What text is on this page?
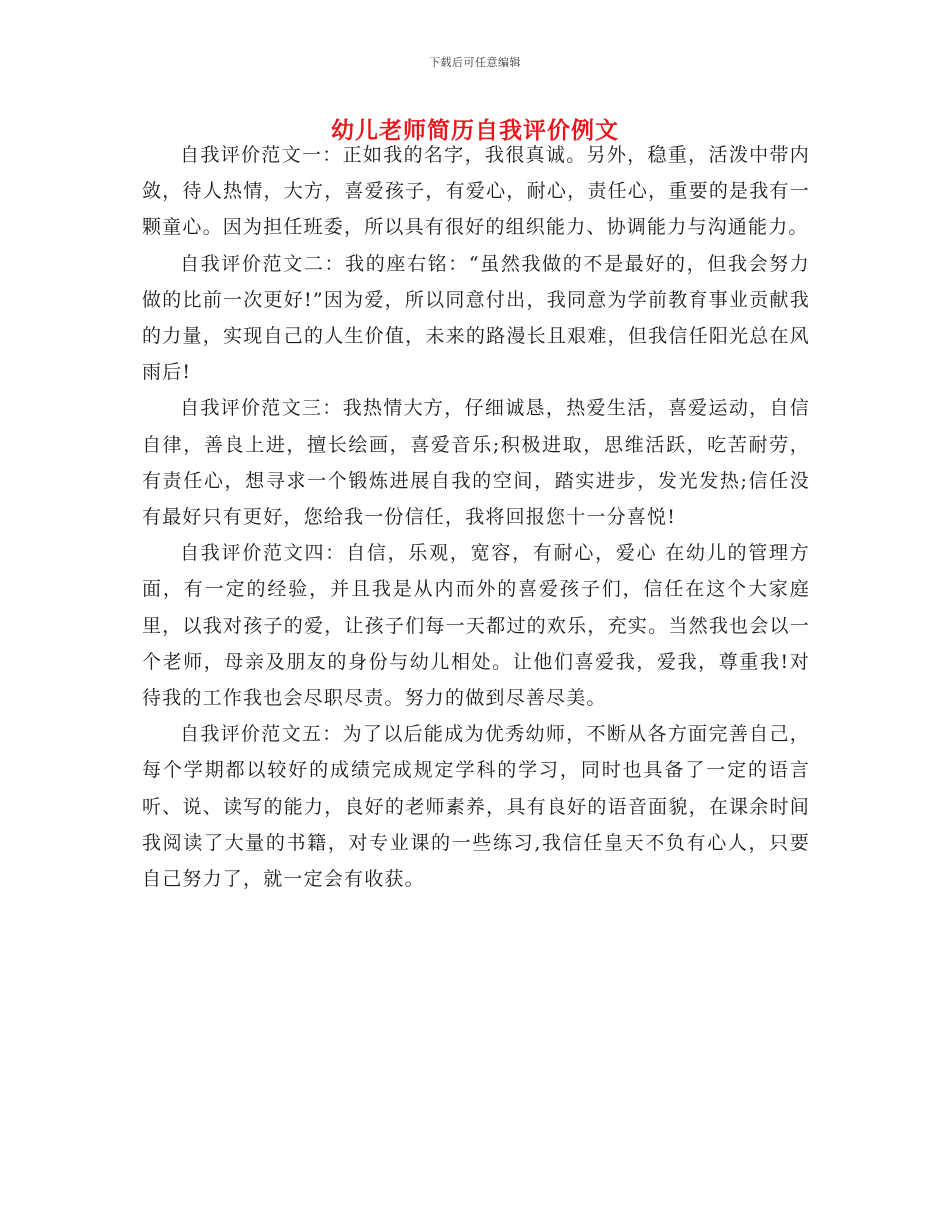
下载后可任意编辑
幼儿老师简历自我评价例文

自我评价范文一：正如我的名字，我很真诚。另外，稳重，活泼中带内敛，待人热情，大方，喜爱孩子，有爱心，耐心，责任心，重要的是我有一颗童心。因为担任班委，所以具有很好的组织能力、协调能力与沟通能力。

自我评价范文二：我的座右铭：“虽然我做的不是最好的，但我会努力做的比前一次更好!”因为爱，所以同意付出，我同意为学前教育事业贡献我的力量，实现自己的人生价值，未来的路漫长且艰难，但我信任阳光总在风雨后!

自我评价范文三：我热情大方，仔细诚恳，热爱生活，喜爱运动，自信自律，善良上进，擅长绘画，喜爱音乐;积极进取，思维活跃，吃苦耐劳，有责任心，想寻求一个锻炼进展自我的空间，踏实进步，发光发热;信任没有最好只有更好，您给我一份信任，我将回报您十一分喜悦!

自我评价范文四：自信，乐观，宽容，有耐心，爱心 在幼儿的管理方面，有一定的经验，并且我是从内而外的喜爱孩子们，信任在这个大家庭里，以我对孩子的爱，让孩子们每一天都过的欢乐，充实。当然我也会以一个老师，母亲及朋友的身份与幼儿相处。让他们喜爱我，爱我，尊重我!对待我的工作我也会尽职尽责。努力的做到尽善尽美。

自我评价范文五：为了以后能成为优秀幼师，不断从各方面完善自己，每个学期都以较好的成绩完成规定学科的学习，同时也具备了一定的语言听、说、读写的能力，良好的老师素养，具有良好的语音面貌，在课余时间我阅读了大量的书籍，对专业课的一些练习,我信任皇天不负有心人，只要自己努力了，就一定会有收获。
